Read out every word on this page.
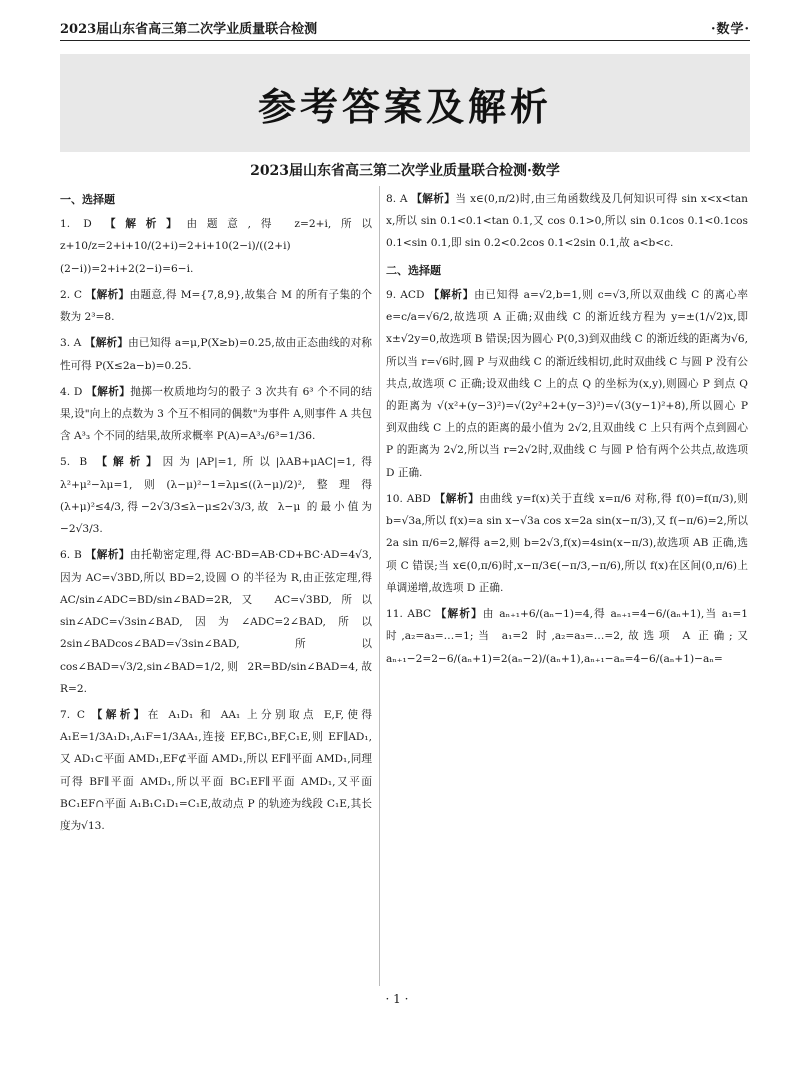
2023届山东省高三第二次学业质量联合检测	·数学·
参考答案及解析
2023届山东省高三第二次学业质量联合检测·数学
一、选择题

1. D 【解析】由题意,得 z=2+i,所以 z+10/z=2+i+10/(2+i)=2+i+10(2−i)/((2+i)(2−i))=2+i+2(2−i)=6−i.

2. C 【解析】由题意,得 M={7,8,9},故集合 M 的所有子集的个数为 2³=8.

3. A 【解析】由已知得 a=μ,P(X≥b)=0.25,故由正态曲线的对称性可得 P(X≤2a−b)=0.25.

4. D 【解析】抛掷一枚质地均匀的骰子 3 次共有 6³ 个不同的结果,设"向上的点数为 3 个互不相同的偶数"为事件 A,则事件 A 共包含 A³₃ 个不同的结果,故所求概率 P(A)=A³₃/6³=1/36.

5. B 【解析】因为|AP|=1,所以|λAB+μAC|=1,得 λ²+μ²−λμ=1,则(λ−μ)²−1=λμ≤((λ−μ)/2)²,整理得(λ+μ)²≤4/3,得−2√3/3≤λ−μ≤2√3/3,故 λ−μ 的最小值为 −2√3/3.

6. B 【解析】由托勒密定理,得 AC·BD=AB·CD+BC·AD=4√3,因为 AC=√3BD,所以 BD=2,设圆 O 的半径为 R,由正弦定理,得 AC/sin∠ADC=BD/sin∠BAD=2R,又 AC=√3BD,所以 sin∠ADC=√3sin∠BAD,因为∠ADC=2∠BAD,所以2sin∠BADcos∠BAD=√3sin∠BAD,所以cos∠BAD=√3/2,sin∠BAD=1/2,则 2R=BD/sin∠BAD=4,故 R=2.

7. C 【解析】在 A₁D₁ 和 AA₁ 上分别取点 E,F,使得 A₁E=1/3A₁D₁,A₁F=1/3AA₁,连接 EF,BC₁,BF,C₁E,则 EF∥AD₁,又 AD₁⊂平面 AMD₁,EF⊄平面 AMD₁,所以 EF∥平面 AMD₁,同理可得 BF∥平面 AMD₁,所以平面 BC₁EF∥平面 AMD₁,又平面 BC₁EF∩平面 A₁B₁C₁D₁=C₁E,故动点 P 的轨迹为线段 C₁E,其长度为√13.

8. A 【解析】当 x∈(0,π/2)时,由三角函数线及几何知识可得 sin x<x<tan x,所以 sin 0.1<0.1<tan 0.1,又 cos 0.1>0,所以 sin 0.1cos 0.1<0.1cos 0.1<sin 0.1,即 sin 0.2<0.2cos 0.1<2sin 0.1,故 a<b<c.

二、选择题

9. ACD 【解析】由已知得 a=√2,b=1,则 c=√3,所以双曲线 C 的离心率 e=c/a=√6/2,故选项 A 正确;双曲线 C 的渐近线方程为 y=±(1/√2)x,即 x±√2y=0,故选项 B 错误;因为圆心 P(0,3)到双曲线 C 的渐近线的距离为√6,所以当 r=√6时,圆 P 与双曲线 C 的渐近线相切,此时双曲线 C 与圆 P 没有公共点,故选项 C 正确;设双曲线 C 上的点 Q 的坐标为(x,y),则圆心 P 到点 Q 的距离为 √(x²+(y−3)²)=√(2y²+2+(y−3)²)=√(3(y−1)²+8),所以圆心 P 到双曲线 C 上的点的距离的最小值为 2√2,且双曲线 C 上只有两个点到圆心 P 的距离为 2√2,所以当 r=2√2时,双曲线 C 与圆 P 恰有两个公共点,故选项 D 正确.

10. ABD 【解析】由曲线 y=f(x)关于直线 x=π/6 对称,得 f(0)=f(π/3),则 b=√3a,所以 f(x)=a sin x−√3a cos x=2a sin(x−π/3),又 f(−π/6)=2,所以 2a sin π/6=2,解得 a=2,则 b=2√3,f(x)=4sin(x−π/3),故选项 AB 正确,选项 C 错误;当 x∈(0,π/6)时,x−π/3∈(−π/3,−π/6),所以 f(x)在区间(0,π/6)上单调递增,故选项 D 正确.

11. ABC 【解析】由 aₙ₊₁+6/(aₙ−1)=4,得 aₙ₊₁=4−6/(aₙ+1),当 a₁=1 时,a₂=a₃=…=1;当 a₁=2 时,a₂=a₃=…=2,故选项 A 正确;又 aₙ₊₁−2=2−6/(aₙ+1)=2(aₙ−2)/(aₙ+1),aₙ₊₁−aₙ=4−6/(aₙ+1)−aₙ=

· 1 ·
